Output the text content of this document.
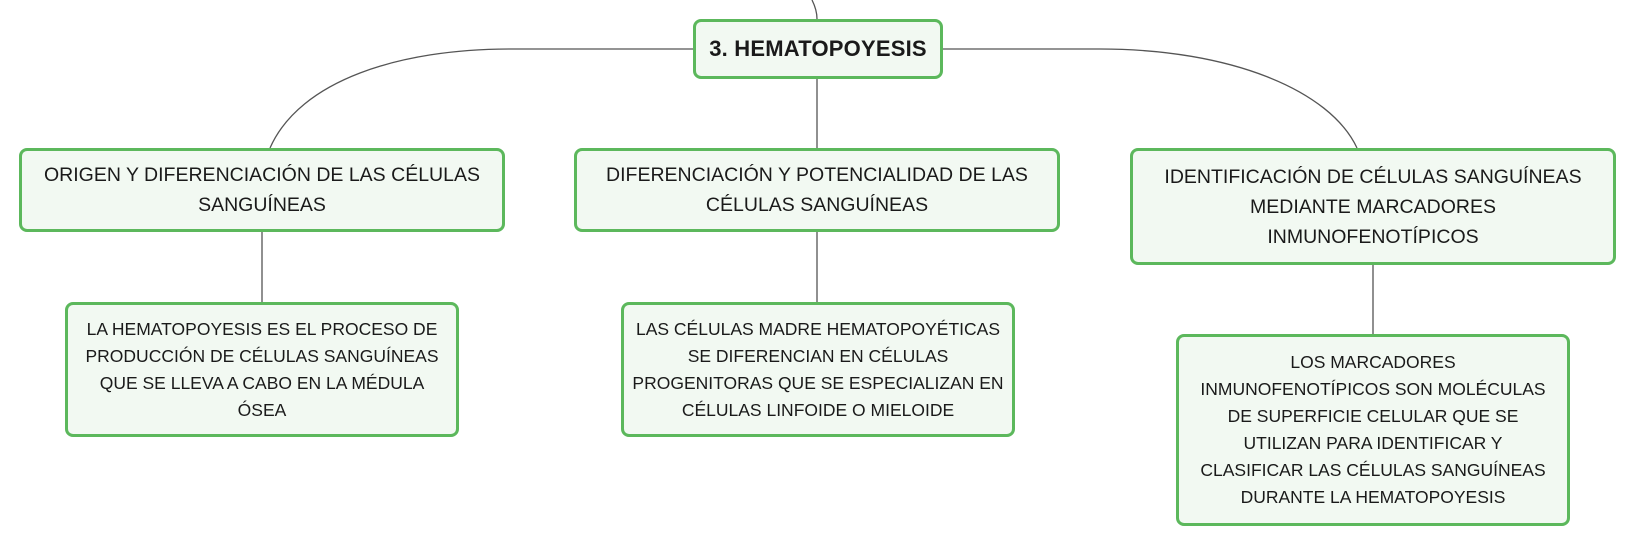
3. HEMATOPOYESIS
ORIGEN Y DIFERENCIACIÓN DE LAS CÉLULAS SANGUÍNEAS
DIFERENCIACIÓN Y POTENCIALIDAD DE LAS CÉLULAS SANGUÍNEAS
IDENTIFICACIÓN DE CÉLULAS SANGUÍNEAS MEDIANTE MARCADORES INMUNOFENOTÍPICOS
LA HEMATOPOYESIS ES EL PROCESO DE PRODUCCIÓN DE CÉLULAS SANGUÍNEAS QUE SE LLEVA A CABO EN LA MÉDULA ÓSEA
LAS CÉLULAS MADRE HEMATOPOYÉTICAS SE DIFERENCIAN EN CÉLULAS PROGENITORAS QUE SE ESPECIALIZAN EN CÉLULAS LINFOIDE O MIELOIDE
LOS MARCADORES INMUNOFENOTÍPICOS SON MOLÉCULAS DE SUPERFICIE CELULAR QUE SE UTILIZAN PARA IDENTIFICAR Y CLASIFICAR LAS CÉLULAS SANGUÍNEAS DURANTE LA HEMATOPOYESIS
